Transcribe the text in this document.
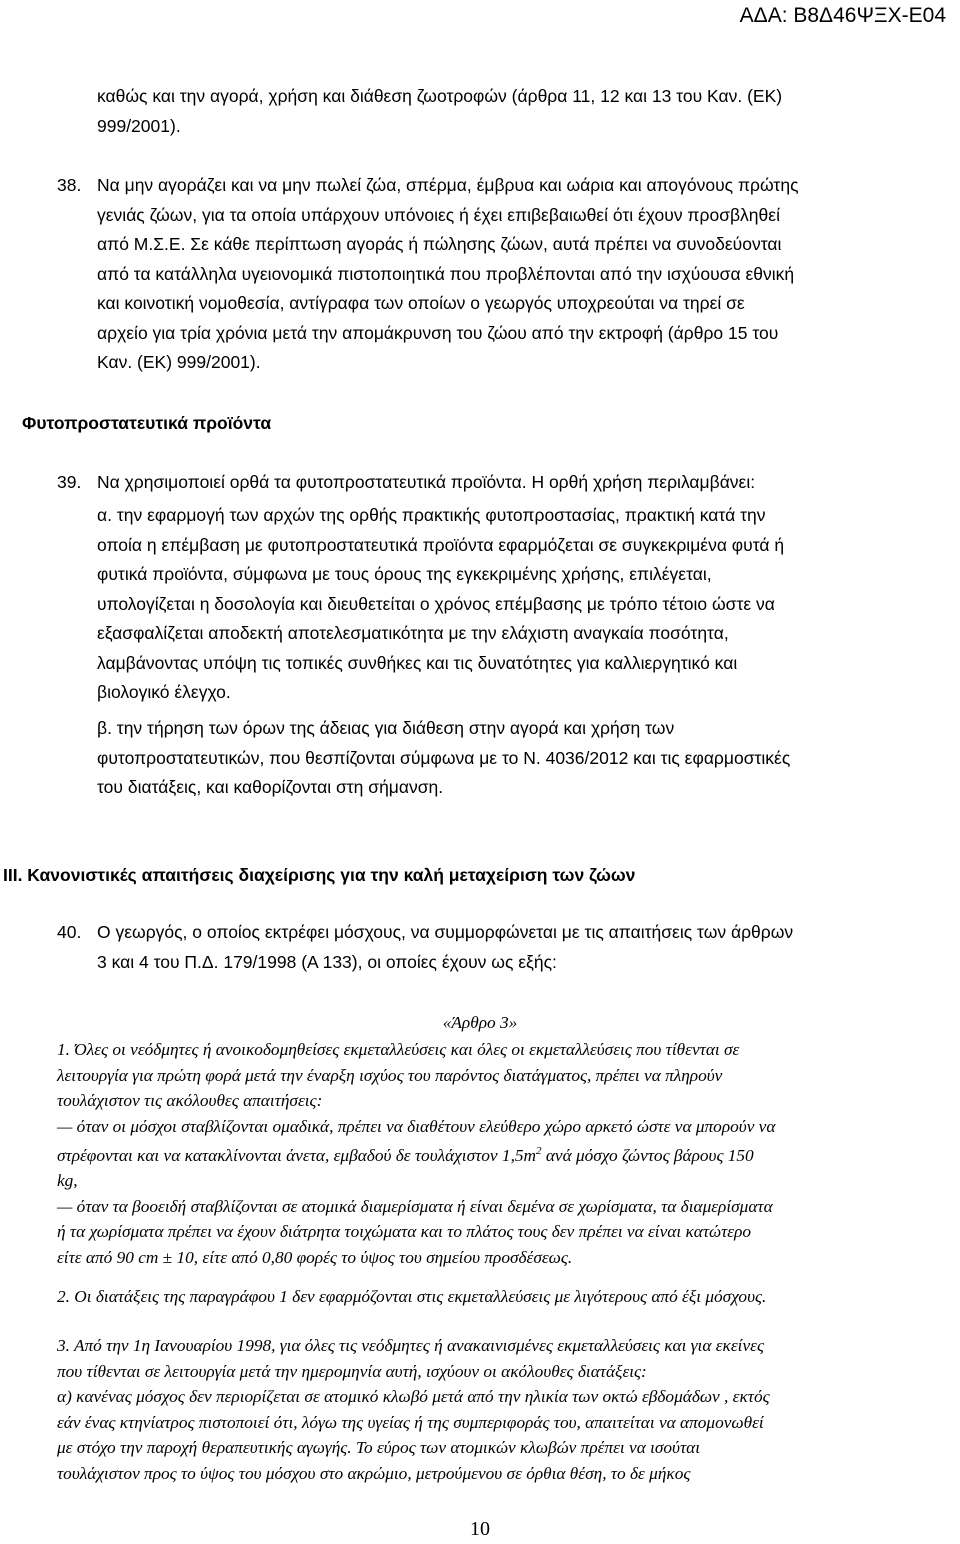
ΑΔΑ: Β8Δ46ΨΞΧ-Ε04
καθώς και την αγορά, χρήση και διάθεση ζωοτροφών (άρθρα 11, 12 και 13 του Καν. (ΕΚ)
999/2001).
38. Να μην αγοράζει και να μην πωλεί ζώα, σπέρμα, έμβρυα και ωάρια και απογόνους πρώτης
γενιάς ζώων, για τα οποία υπάρχουν υπόνοιες ή έχει επιβεβαιωθεί ότι έχουν προσβληθεί
από Μ.Σ.Ε. Σε κάθε περίπτωση αγοράς ή πώλησης ζώων, αυτά πρέπει να συνοδεύονται
από τα κατάλληλα υγειονομικά πιστοποιητικά που προβλέπονται από την ισχύουσα εθνική
και κοινοτική νομοθεσία, αντίγραφα των οποίων ο γεωργός υποχρεούται να τηρεί σε
αρχείο για τρία χρόνια μετά την απομάκρυνση του ζώου από την εκτροφή (άρθρο 15 του
Καν. (ΕΚ) 999/2001).
Φυτοπροστατευτικά προϊόντα
39. Να χρησιμοποιεί ορθά τα φυτοπροστατευτικά προϊόντα. Η ορθή χρήση περιλαμβάνει:
α. την εφαρμογή των αρχών της ορθής πρακτικής φυτοπροστασίας, πρακτική κατά την
οποία η επέμβαση με φυτοπροστατευτικά προϊόντα εφαρμόζεται σε συγκεκριμένα φυτά ή
φυτικά προϊόντα, σύμφωνα με τους όρους της εγκεκριμένης χρήσης, επιλέγεται,
υπολογίζεται η δοσολογία και διευθετείται ο χρόνος επέμβασης με τρόπο τέτοιο ώστε να
εξασφαλίζεται αποδεκτή αποτελεσματικότητα με την ελάχιστη αναγκαία ποσότητα,
λαμβάνοντας υπόψη τις τοπικές συνθήκες και τις δυνατότητες για καλλιεργητικό και
βιολογικό έλεγχο.
β. την τήρηση των όρων της άδειας για διάθεση στην αγορά και χρήση των
φυτοπροστατευτικών, που θεσπίζονται σύμφωνα με το Ν. 4036/2012 και τις εφαρμοστικές
του διατάξεις, και καθορίζονται στη σήμανση.
ΙΙΙ. Κανονιστικές απαιτήσεις διαχείρισης για την καλή μεταχείριση των ζώων
40. Ο γεωργός, ο οποίος εκτρέφει μόσχους, να συμμορφώνεται με τις απαιτήσεις των άρθρων
3 και 4 του Π.Δ. 179/1998 (Α 133), οι οποίες έχουν ως εξής:
«Άρθρο 3»
1. Όλες οι νεόδμητες ή ανοικοδομηθείσες εκμεταλλεύσεις και όλες οι εκμεταλλεύσεις που τίθενται σε
λειτουργία για πρώτη φορά μετά την έναρξη ισχύος του παρόντος διατάγματος, πρέπει να πληρούν
τουλάχιστον τις ακόλουθες απαιτήσεις:
— όταν οι μόσχοι σταβλίζονται ομαδικά, πρέπει να διαθέτουν ελεύθερο χώρο αρκετό ώστε να μπορούν να
στρέφονται και να κατακλίνονται άνετα, εμβαδού δε τουλάχιστον $1,5m^2$ ανά μόσχο ζώντος βάρους 150
kg,
— όταν τα βοοειδή σταβλίζονται σε ατομικά διαμερίσματα ή είναι δεμένα σε χωρίσματα, τα διαμερίσματα
ή τα χωρίσματα πρέπει να έχουν διάτρητα τοιχώματα και το πλάτος τους δεν πρέπει να είναι κατώτερο
είτε από 90 cm ± 10, είτε από 0,80 φορές το ύψος του σημείου προσδέσεως.
2. Οι διατάξεις της παραγράφου 1 δεν εφαρμόζονται στις εκμεταλλεύσεις με λιγότερους από έξι μόσχους.
3. Από την 1η Ιανουαρίου 1998, για όλες τις νεόδμητες ή ανακαινισμένες εκμεταλλεύσεις και για εκείνες
που τίθενται σε λειτουργία μετά την ημερομηνία αυτή, ισχύουν οι ακόλουθες διατάξεις:
α) κανένας μόσχος δεν περιορίζεται σε ατομικό κλωβό μετά από την ηλικία των οκτώ εβδομάδων , εκτός
εάν ένας κτηνίατρος πιστοποιεί ότι, λόγω της υγείας ή της συμπεριφοράς του, απαιτείται να απομονωθεί
με στόχο την παροχή θεραπευτικής αγωγής. Το εύρος των ατομικών κλωβών πρέπει να ισούται
τουλάχιστον προς το ύψος του μόσχου στο ακρώμιο, μετρούμενου σε όρθια θέση, το δε μήκος
10
